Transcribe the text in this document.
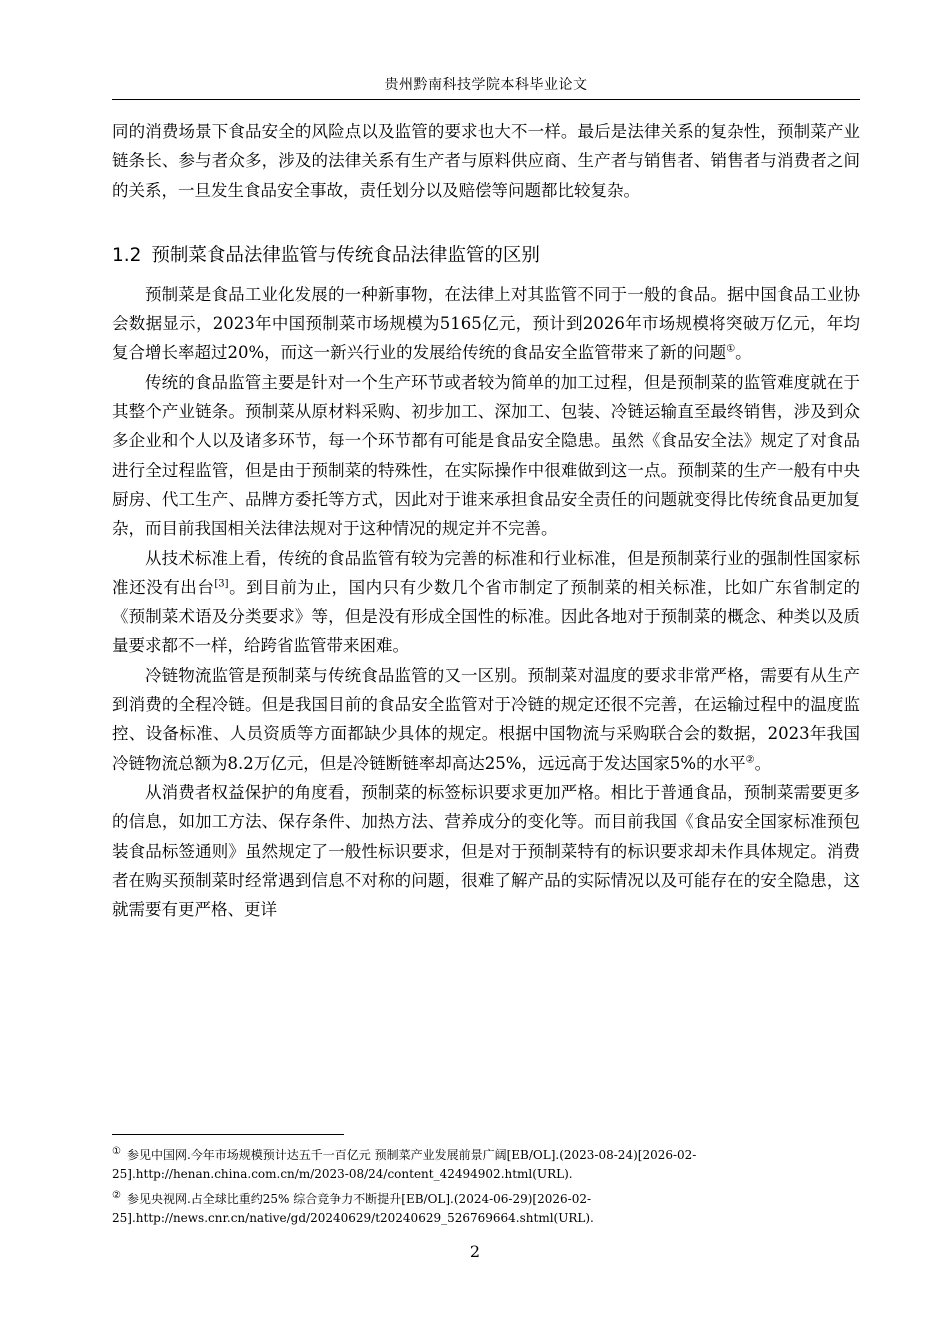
贵州黔南科技学院本科毕业论文

同的消费场景下食品安全的风险点以及监管的要求也大不一样。最后是法律关系的复杂性，预制菜产业链条长、参与者众多，涉及的法律关系有生产者与原料供应商、生产者与销售者、销售者与消费者之间的关系，一旦发生食品安全事故，责任划分以及赔偿等问题都比较复杂。

1.2 预制菜食品法律监管与传统食品法律监管的区别

预制菜是食品工业化发展的一种新事物，在法律上对其监管不同于一般的食品。据中国食品工业协会数据显示，2023年中国预制菜市场规模为5165亿元，预计到2026年市场规模将突破万亿元，年均复合增长率超过20%，而这一新兴行业的发展给传统的食品安全监管带来了新的问题①。

传统的食品监管主要是针对一个生产环节或者较为简单的加工过程，但是预制菜的监管难度就在于其整个产业链条。预制菜从原材料采购、初步加工、深加工、包装、冷链运输直至最终销售，涉及到众多企业和个人以及诸多环节，每一个环节都有可能是食品安全隐患。虽然《食品安全法》规定了对食品进行全过程监管，但是由于预制菜的特殊性，在实际操作中很难做到这一点。预制菜的生产一般有中央厨房、代工生产、品牌方委托等方式，因此对于谁来承担食品安全责任的问题就变得比传统食品更加复杂，而目前我国相关法律法规对于这种情况的规定并不完善。

从技术标准上看，传统的食品监管有较为完善的标准和行业标准，但是预制菜行业的强制性国家标准还没有出台[3]。到目前为止，国内只有少数几个省市制定了预制菜的相关标准，比如广东省制定的《预制菜术语及分类要求》等，但是没有形成全国性的标准。因此各地对于预制菜的概念、种类以及质量要求都不一样，给跨省监管带来困难。

冷链物流监管是预制菜与传统食品监管的又一区别。预制菜对温度的要求非常严格，需要有从生产到消费的全程冷链。但是我国目前的食品安全监管对于冷链的规定还很不完善，在运输过程中的温度监控、设备标准、人员资质等方面都缺少具体的规定。根据中国物流与采购联合会的数据，2023年我国冷链物流总额为8.2万亿元，但是冷链断链率却高达25%，远远高于发达国家5%的水平②。

从消费者权益保护的角度看，预制菜的标签标识要求更加严格。相比于普通食品，预制菜需要更多的信息，如加工方法、保存条件、加热方法、营养成分的变化等。而目前我国《食品安全国家标准预包装食品标签通则》虽然规定了一般性标识要求，但是对于预制菜特有的标识要求却未作具体规定。消费者在购买预制菜时经常遇到信息不对称的问题，很难了解产品的实际情况以及可能存在的安全隐患，这就需要有更严格、更详

① 参见中国网.今年市场规模预计达五千一百亿元 预制菜产业发展前景广阔[EB/OL].(2023-08-24)[2026-02-25].http://henan.china.com.cn/m/2023-08/24/content_42494902.html(URL).

② 参见央视网.占全球比重约25% 综合竞争力不断提升[EB/OL].(2024-06-29)[2026-02-25].http://news.cnr.cn/native/gd/20240629/t20240629_526769664.shtml(URL).

2
